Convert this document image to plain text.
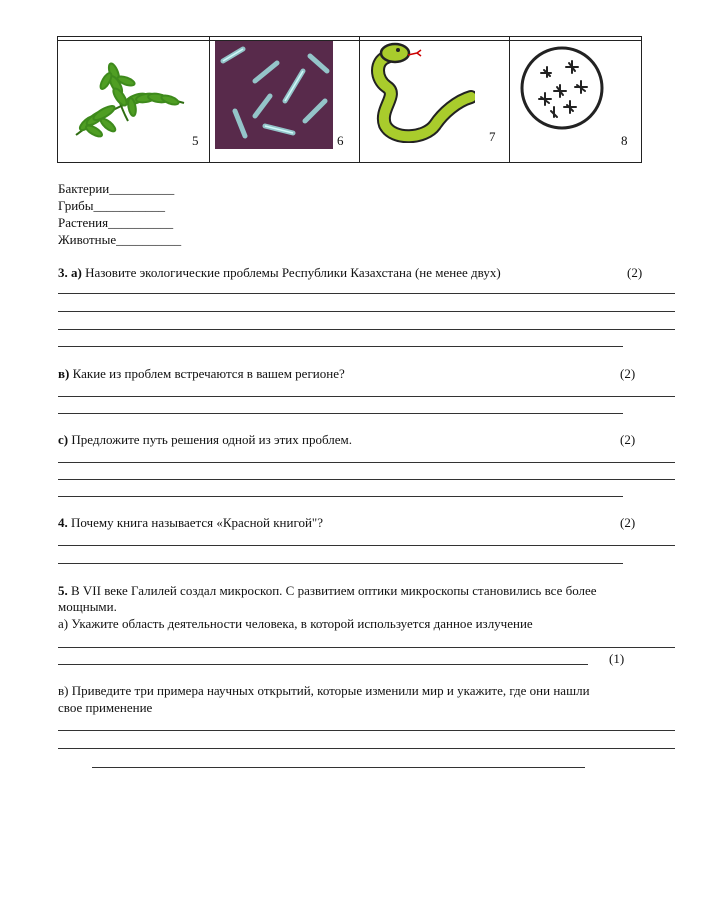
5	6	7	8
Бактерии__________
Грибы___________
Растения__________
Животные__________
3. а) Назовите экологические проблемы Республики Казахстана (не менее двух)	(2)
в) Какие из проблем встречаются в вашем регионе?	(2)
с) Предложите путь решения одной из этих проблем.	(2)
4. Почему книга называется «Красной книгой"?	(2)
5. В VII веке Галилей создал микроскоп. С развитием оптики микроскопы становились все более
мощными.
а) Укажите область деятельности человека, в которой используется данное излучение
(1)
в) Приведите три примера научных открытий, которые изменили мир и укажите, где они нашли
свое применение
